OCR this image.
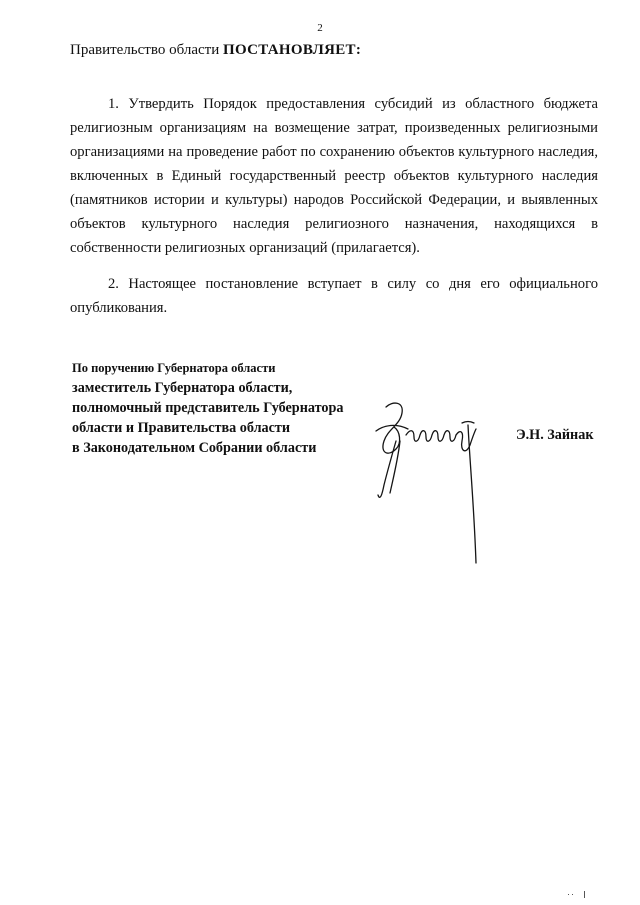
2
Правительство области ПОСТАНОВЛЯЕТ:

1. Утвердить Порядок предоставления субсидий из областного бюджета религиозным организациям на возмещение затрат, произведенных религиозными организациями на проведение работ по сохранению объектов культурного наследия, включенных в Единый государственный реестр объектов культурного наследия (памятников истории и культуры) народов Российской Федерации, и выявленных объектов культурного наследия религиозного назначения, находящихся в собственности религиозных организаций (прилагается).

2. Настоящее постановление вступает в силу со дня его официального опубликования.

По поручению Губернатора области
заместитель Губернатора области,
полномочный представитель Губернатора
области и Правительства области
в Законодательном Собрании области
Э.Н. Зайнак
